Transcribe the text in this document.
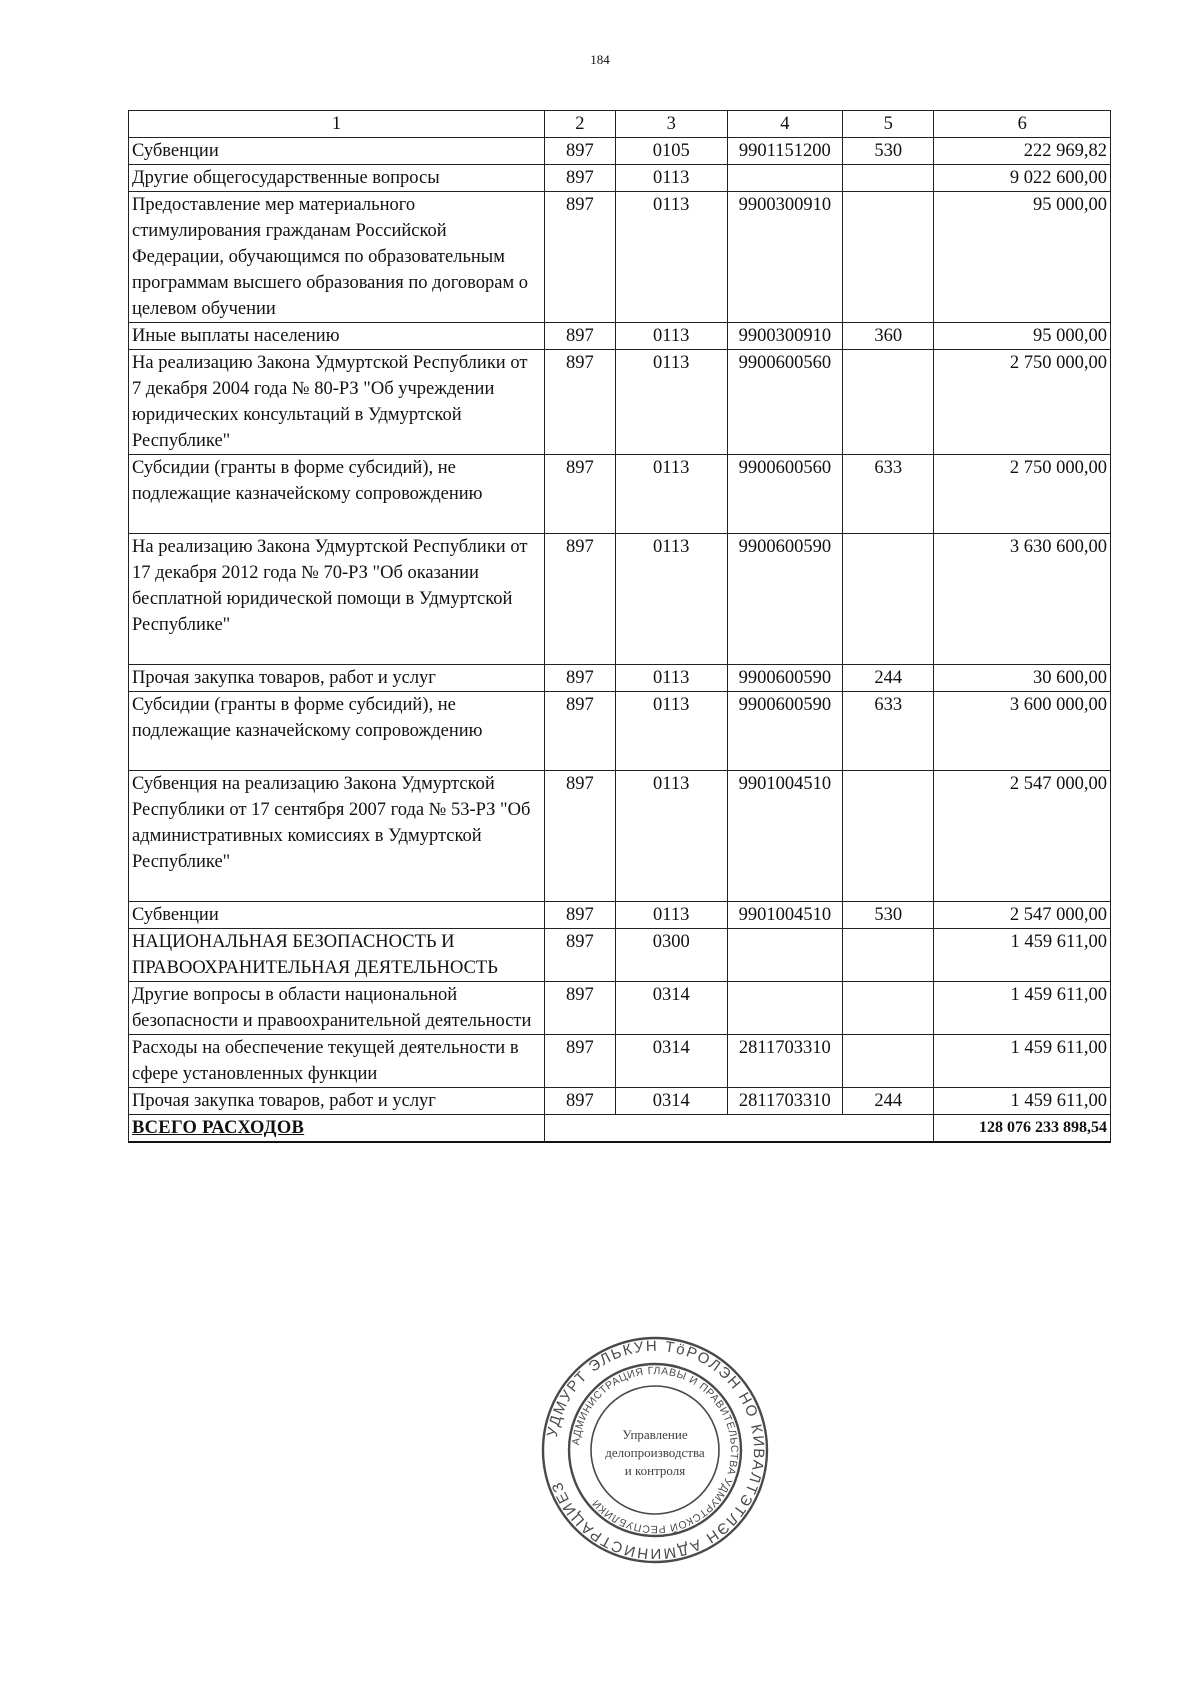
184
1	2	3	4	5	6
Субвенции	897	0105	9901151200	530	222 969,82
Другие общегосударственные вопросы	897	0113			9 022 600,00
Предоставление мер материального стимулирования гражданам Российской Федерации, обучающимся по образовательным программам высшего образования по договорам о целевом обучении	897	0113	9900300910		95 000,00
Иные выплаты населению	897	0113	9900300910	360	95 000,00
На реализацию Закона Удмуртской Республики от 7 декабря 2004 года № 80-РЗ "Об учреждении юридических консультаций в Удмуртской Республике"	897	0113	9900600560		2 750 000,00
Субсидии (гранты в форме субсидий), не подлежащие казначейскому сопровождению	897	0113	9900600560	633	2 750 000,00
На реализацию Закона Удмуртской Республики от 17 декабря 2012 года № 70-РЗ "Об оказании бесплатной юридической помощи в Удмуртской Республике"	897	0113	9900600590		3 630 600,00
Прочая закупка товаров, работ и услуг	897	0113	9900600590	244	30 600,00
Субсидии (гранты в форме субсидий), не подлежащие казначейскому сопровождению	897	0113	9900600590	633	3 600 000,00
Субвенция на реализацию Закона Удмуртской Республики от 17 сентября 2007 года № 53-РЗ "Об административных комиссиях в Удмуртской Республике"	897	0113	9901004510		2 547 000,00
Субвенции	897	0113	9901004510	530	2 547 000,00
НАЦИОНАЛЬНАЯ БЕЗОПАСНОСТЬ И ПРАВООХРАНИТЕЛЬНАЯ ДЕЯТЕЛЬНОСТЬ	897	0300			1 459 611,00
Другие вопросы в области национальной безопасности и правоохранительной деятельности	897	0314			1 459 611,00
Расходы на обеспечение текущей деятельности в сфере установленных функции	897	0314	2811703310		1 459 611,00
Прочая закупка товаров, работ и услуг	897	0314	2811703310	244	1 459 611,00
ВСЕГО РАСХОДОВ					128 076 233 898,54
УДМУРТ ЭЛЬКУН ТӧРОЛЭН НО КИВАЛТЭТЛЭН АДМИНИСТРАЦИЕЗ
АДМИНИСТРАЦИЯ ГЛАВЫ И ПРАВИТЕЛЬСТВА УДМУРТСКОЙ РЕСПУБЛИКИ
Управление
делопроизводства
и контроля
